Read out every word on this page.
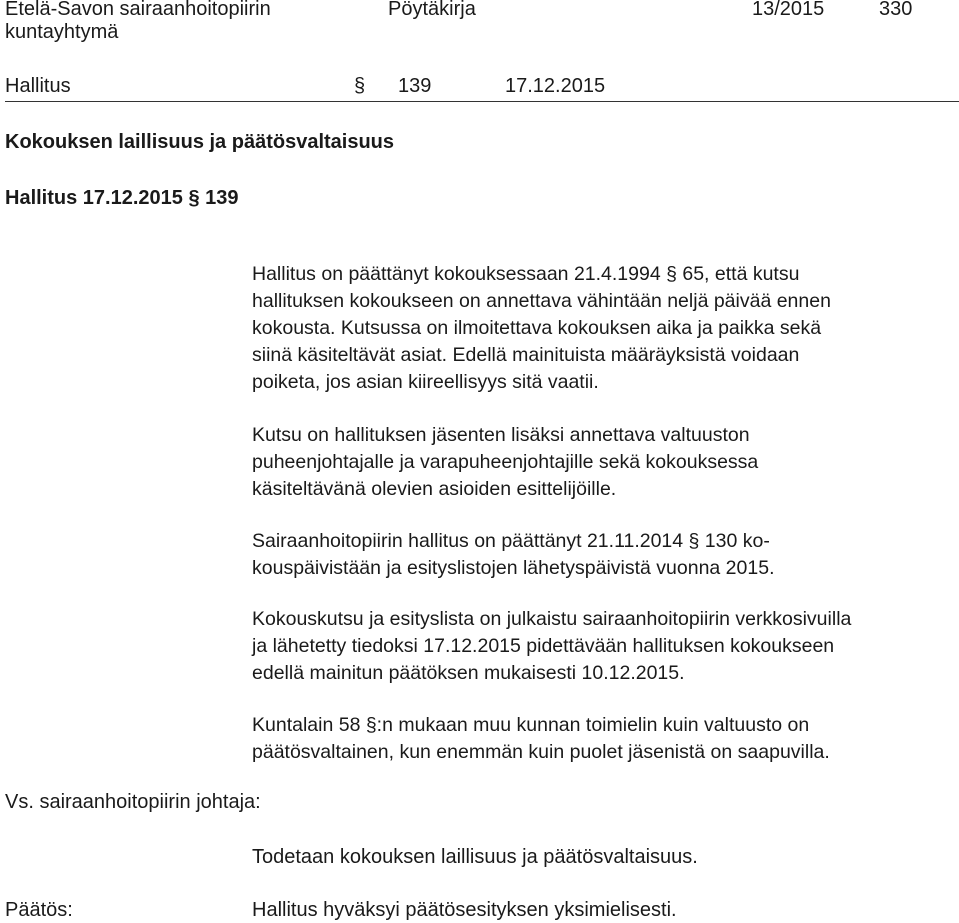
Etelä-Savon sairaanhoitopiirin
kuntayhtymä
Pöytäkirja	13/2015	330
Hallitus	§ 139	17.12.2015
Kokouksen laillisuus ja päätösvaltaisuus
Hallitus 17.12.2015 § 139
Hallitus on päättänyt kokouksessaan 21.4.1994 § 65, että kutsu
hallituksen kokoukseen on annettava vähintään neljä päivää ennen
kokousta. Kutsussa on ilmoitettava kokouksen aika ja paikka sekä
siinä käsiteltävät asiat. Edellä mainituista määräyksistä voidaan
poiketa, jos asian kiireellisyys sitä vaatii.
Kutsu on hallituksen jäsenten lisäksi annettava valtuuston
puheenjohtajalle ja varapuheenjohtajille sekä kokouksessa
käsiteltävänä olevien asioiden esittelijöille.
Sairaanhoitopiirin hallitus on päättänyt 21.11.2014 § 130 ko-
kouspäivistään ja esityslistojen lähetyspäivistä vuonna 2015.
Kokouskutsu ja esityslista on julkaistu sairaanhoitopiirin verkkosivuilla
ja lähetetty tiedoksi 17.12.2015 pidettävään hallituksen kokoukseen
edellä mainitun päätöksen mukaisesti 10.12.2015.
Kuntalain 58 §:n mukaan muu kunnan toimielin kuin valtuusto on
päätösvaltainen, kun enemmän kuin puolet jäsenistä on saapuvilla.
Vs. sairaanhoitopiirin johtaja:
Todetaan kokouksen laillisuus ja päätösvaltaisuus.
Päätös:	Hallitus hyväksyi päätösesityksen yksimielisesti.
